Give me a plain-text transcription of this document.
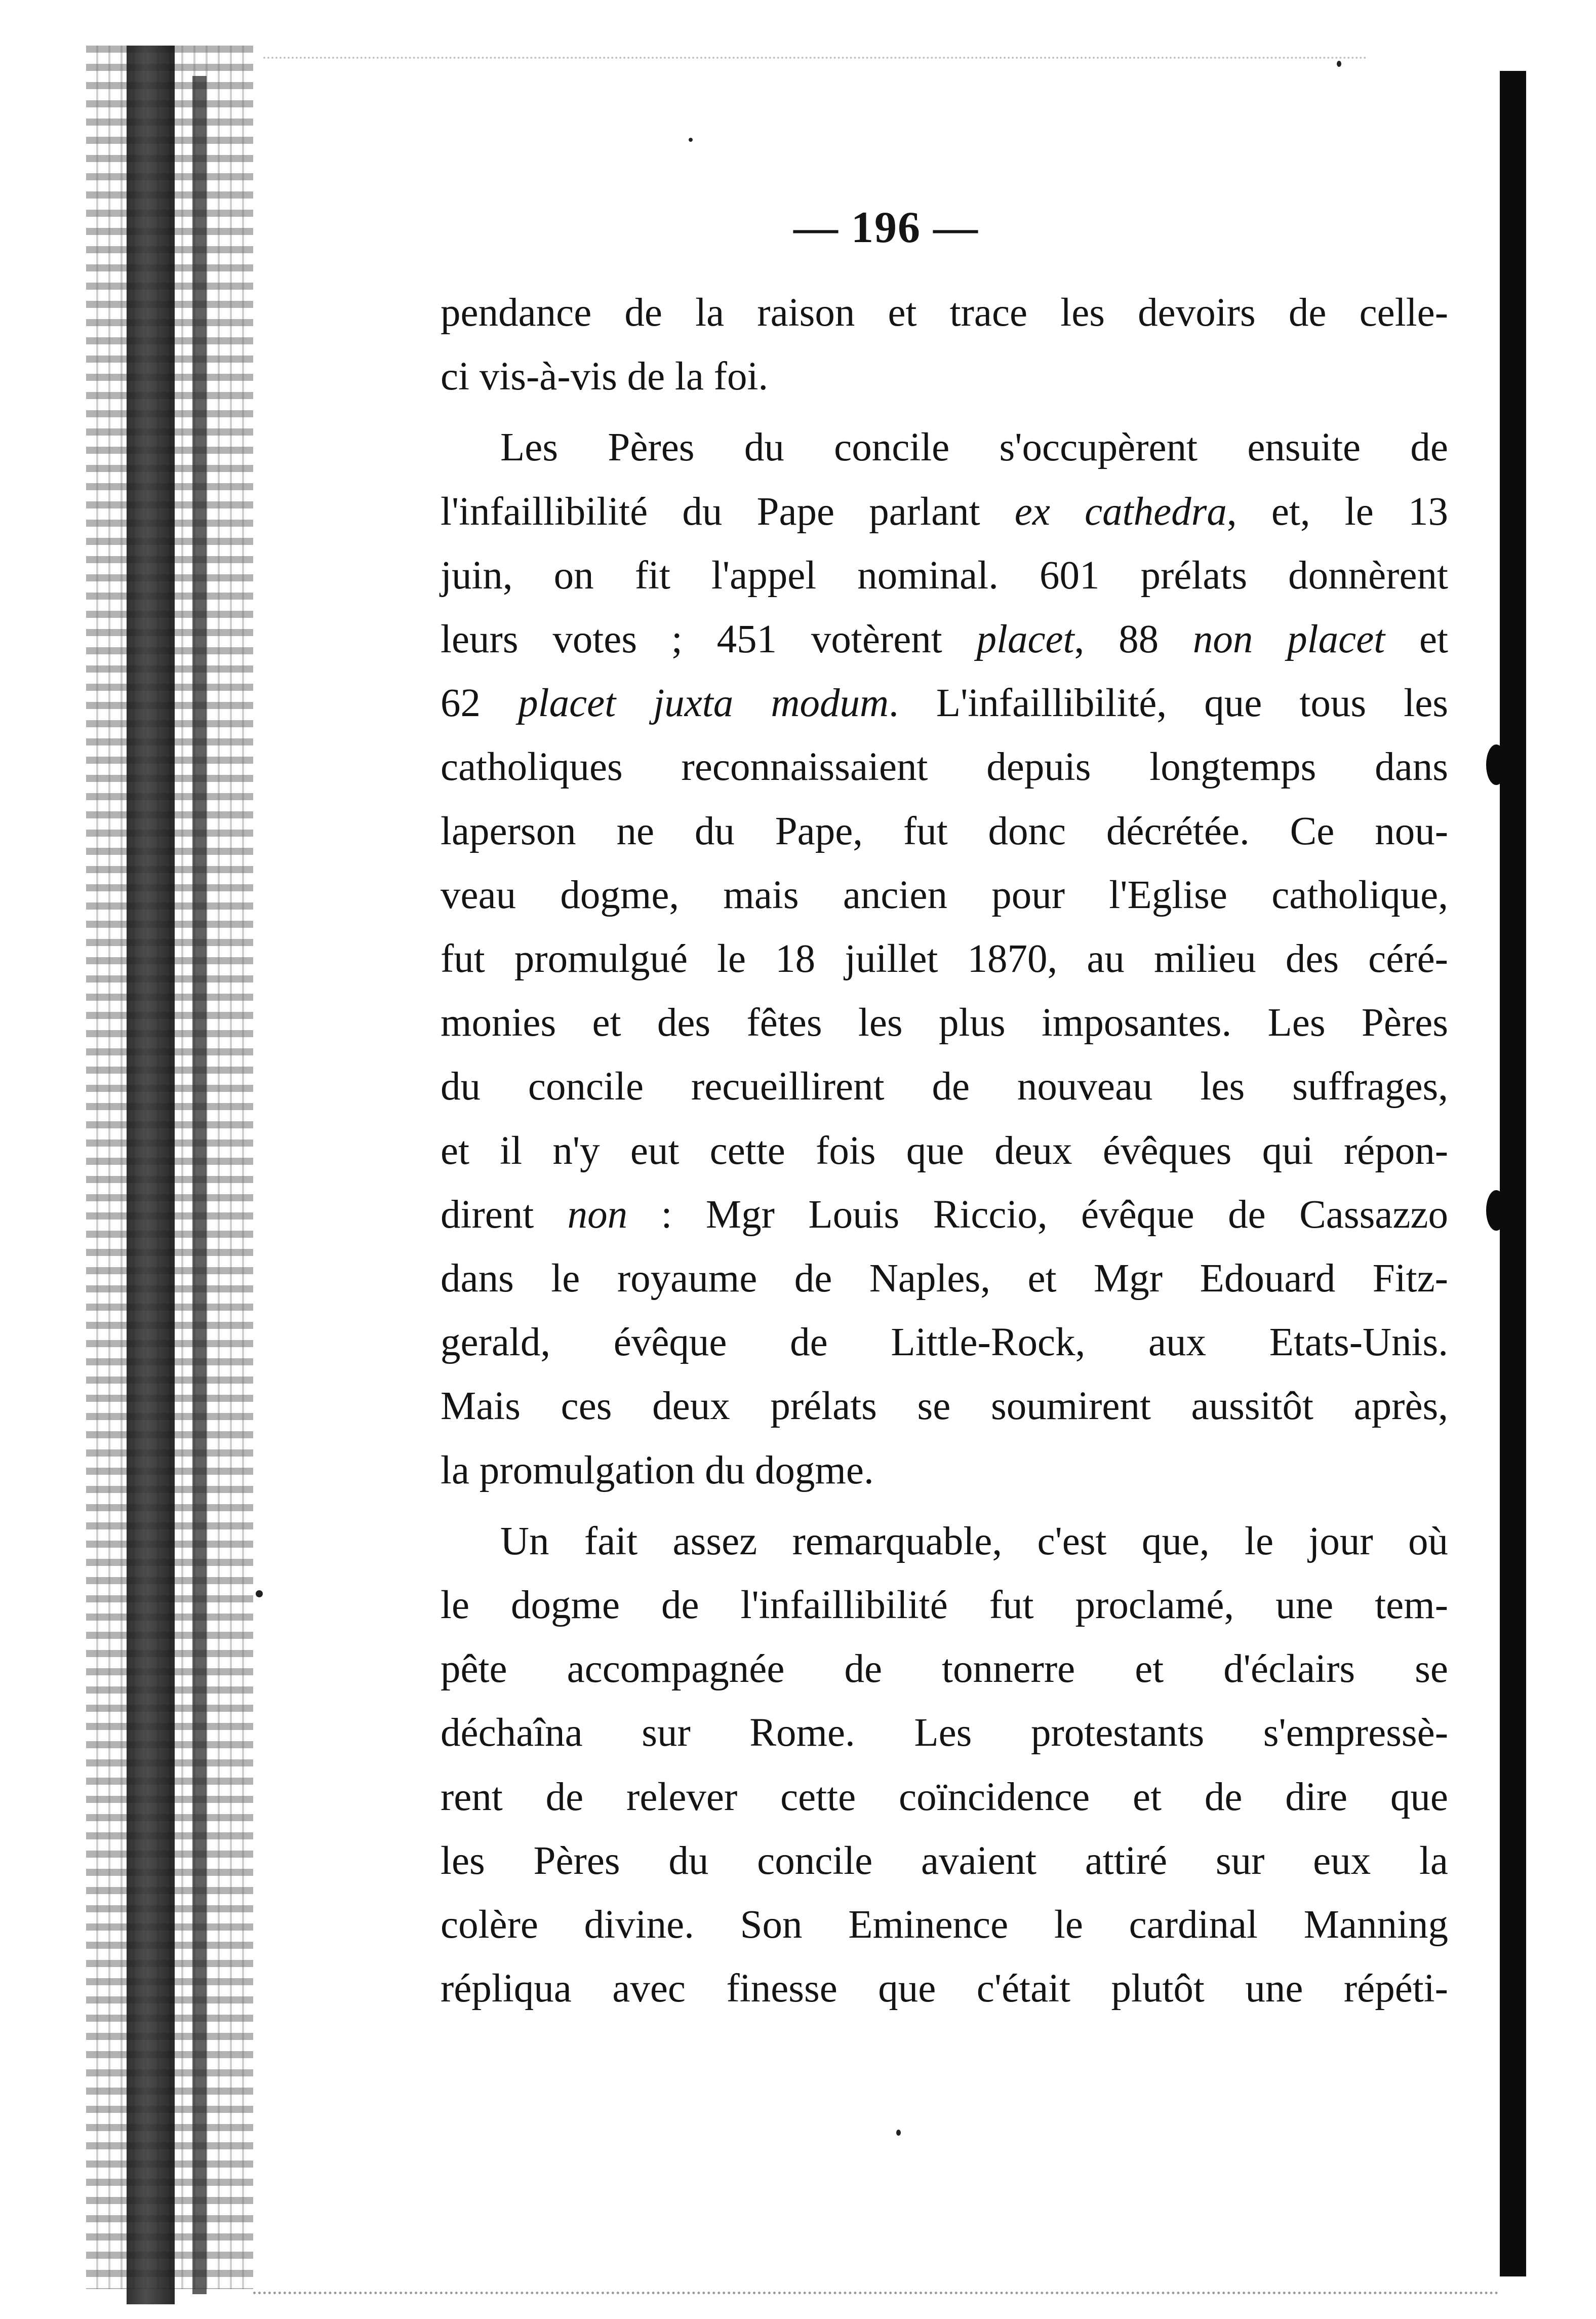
— 196 —

pendance de la raison et trace les devoirs de celle-
ci vis-à-vis de la foi.

Les Pères du concile s'occupèrent ensuite de
l'infaillibilité du Pape parlant ex cathedra, et, le 13
juin, on fit l'appel nominal. 601 prélats donnèrent
leurs votes ; 451 votèrent placet, 88 non placet et
62 placet juxta modum. L'infaillibilité, que tous les
catholiques reconnaissaient depuis longtemps dans
laperson ne du Pape, fut donc décrétée. Ce nou-
veau dogme, mais ancien pour l'Eglise catholique,
fut promulgué le 18 juillet 1870, au milieu des céré-
monies et des fêtes les plus imposantes. Les Pères
du concile recueillirent de nouveau les suffrages,
et il n'y eut cette fois que deux évêques qui répon-
dirent non : Mgr Louis Riccio, évêque de Cassazzo
dans le royaume de Naples, et Mgr Edouard Fitz-
gerald, évêque de Little-Rock, aux Etats-Unis.
Mais ces deux prélats se soumirent aussitôt après,
la promulgation du dogme.

Un fait assez remarquable, c'est que, le jour où
le dogme de l'infaillibilité fut proclamé, une tem-
pête accompagnée de tonnerre et d'éclairs se
déchaîna sur Rome. Les protestants s'empressè-
rent de relever cette coïncidence et de dire que
les Pères du concile avaient attiré sur eux la
colère divine. Son Eminence le cardinal Manning
répliqua avec finesse que c'était plutôt une répéti-
